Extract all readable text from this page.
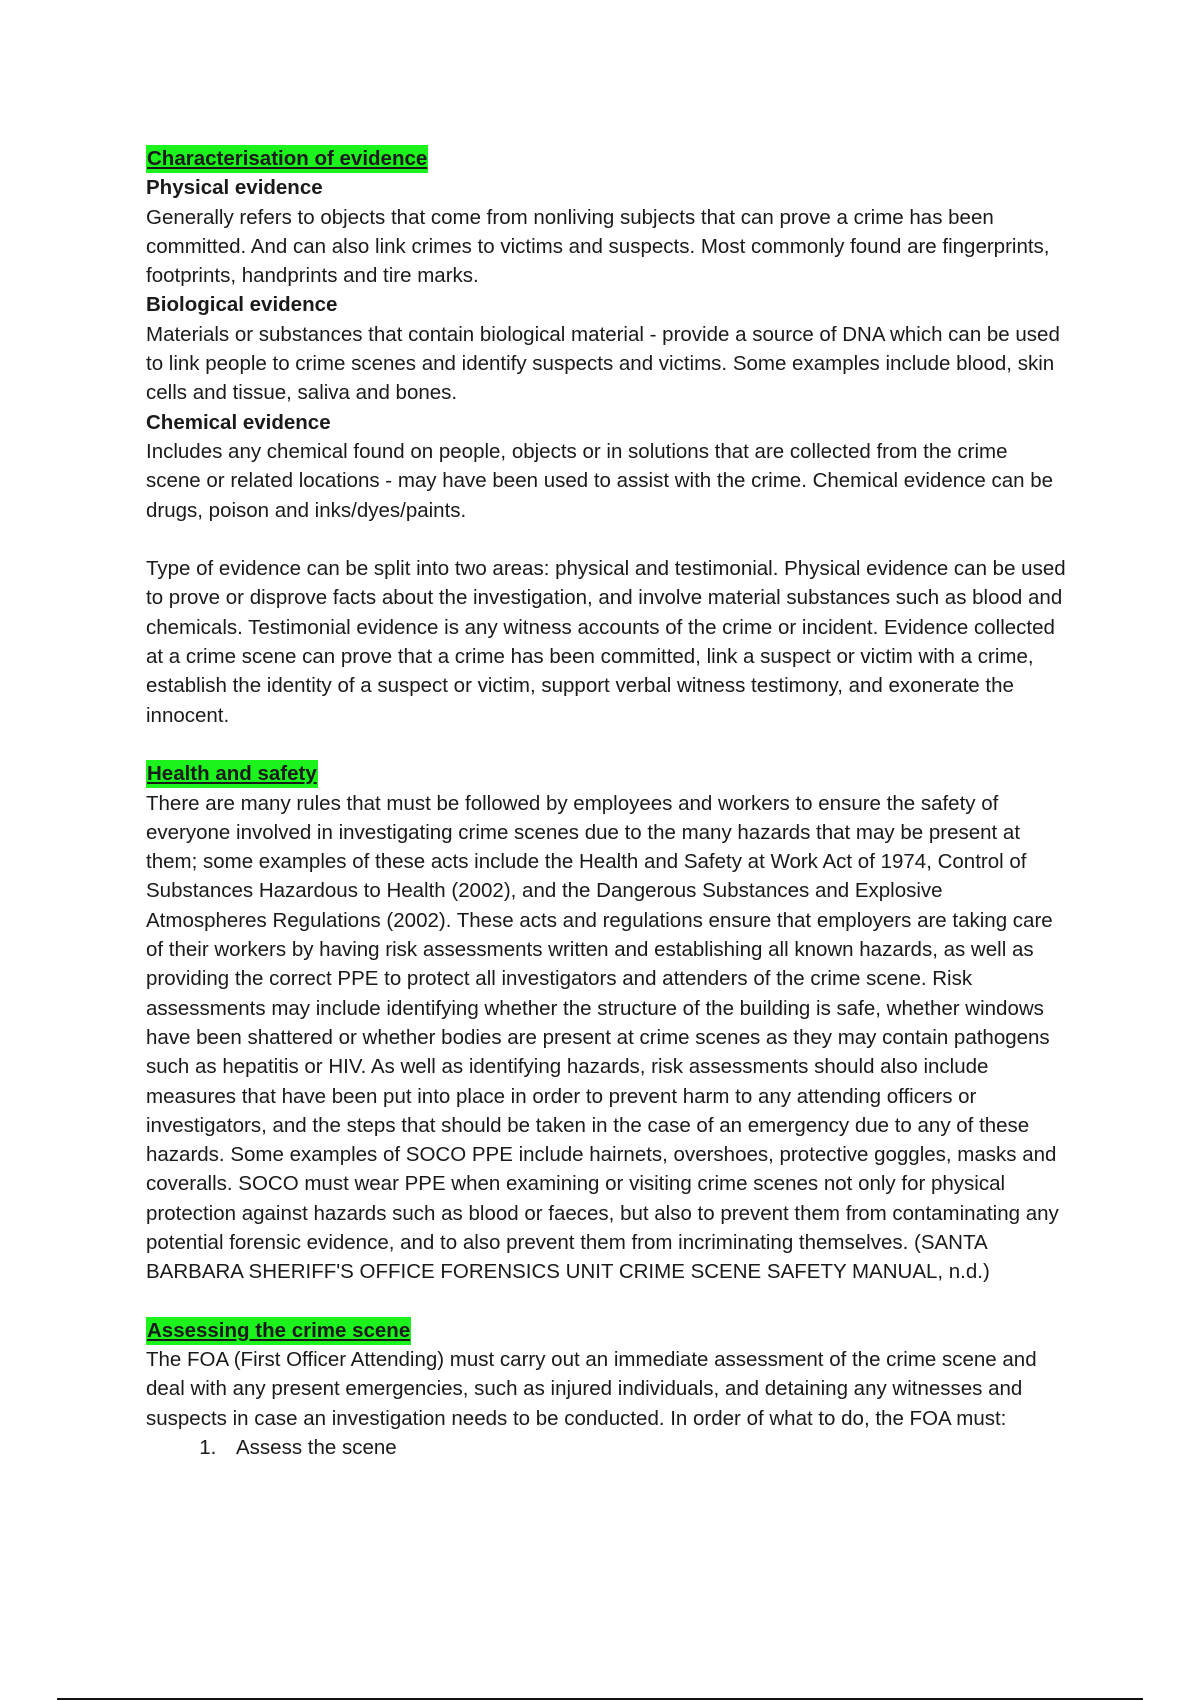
Characterisation of evidence

Physical evidence

Generally refers to objects that come from nonliving subjects that can prove a crime has been committed. And can also link crimes to victims and suspects. Most commonly found are fingerprints, footprints, handprints and tire marks.

Biological evidence

Materials or substances that contain biological material - provide a source of DNA which can be used to link people to crime scenes and identify suspects and victims. Some examples include blood, skin cells and tissue, saliva and bones.

Chemical evidence

Includes any chemical found on people, objects or in solutions that are collected from the crime scene or related locations - may have been used to assist with the crime. Chemical evidence can be drugs, poison and inks/dyes/paints.

Type of evidence can be split into two areas: physical and testimonial. Physical evidence can be used to prove or disprove facts about the investigation, and involve material substances such as blood and chemicals. Testimonial evidence is any witness accounts of the crime or incident. Evidence collected at a crime scene can prove that a crime has been committed, link a suspect or victim with a crime, establish the identity of a suspect or victim, support verbal witness testimony, and exonerate the innocent.

Health and safety

There are many rules that must be followed by employees and workers to ensure the safety of everyone involved in investigating crime scenes due to the many hazards that may be present at them; some examples of these acts include the Health and Safety at Work Act of 1974, Control of Substances Hazardous to Health (2002), and the Dangerous Substances and Explosive Atmospheres Regulations (2002). These acts and regulations ensure that employers are taking care of their workers by having risk assessments written and establishing all known hazards, as well as providing the correct PPE to protect all investigators and attenders of the crime scene. Risk assessments may include identifying whether the structure of the building is safe, whether windows have been shattered or whether bodies are present at crime scenes as they may contain pathogens such as hepatitis or HIV. As well as identifying hazards, risk assessments should also include measures that have been put into place in order to prevent harm to any attending officers or investigators, and the steps that should be taken in the case of an emergency due to any of these hazards. Some examples of SOCO PPE include hairnets, overshoes, protective goggles, masks and coveralls. SOCO must wear PPE when examining or visiting crime scenes not only for physical protection against hazards such as blood or faeces, but also to prevent them from contaminating any potential forensic evidence, and to also prevent them from incriminating themselves. (SANTA BARBARA SHERIFF'S OFFICE FORENSICS UNIT CRIME SCENE SAFETY MANUAL, n.d.)

Assessing the crime scene

The FOA (First Officer Attending) must carry out an immediate assessment of the crime scene and deal with any present emergencies, such as injured individuals, and detaining any witnesses and suspects in case an investigation needs to be conducted. In order of what to do, the FOA must:

1. Assess the scene
